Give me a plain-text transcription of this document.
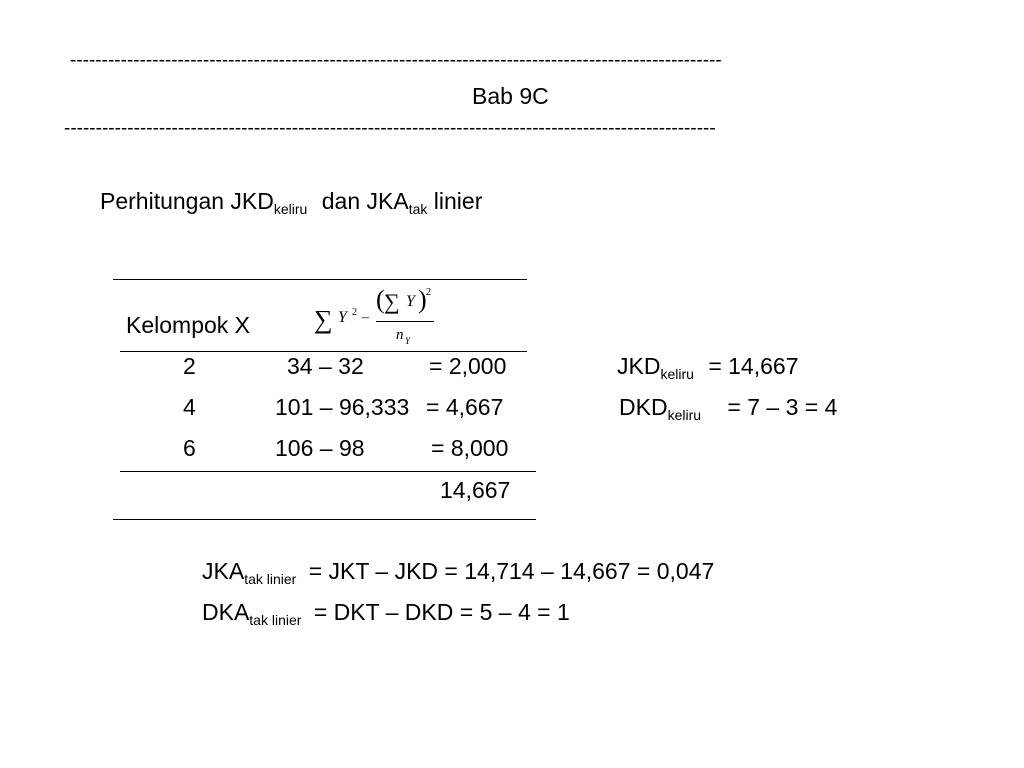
-------------------------------------------------------------------------------------------------------
Bab 9C
-------------------------------------------------------------------------------------------------------
Perhitungan $JKD_{keliru}$ dan $JKA_{tak}$ linier
Kelompok X ∑ Y 2 –
( ∑ Y ) 2
n Y
2	34 – 32	= 2,000
4	101 – 96,333 = 4,667
6	106 – 98	= 8,000
14,667
$JKD_{keliru} = 14,667$
$DKD_{keliru} = 7 - 3 = 4$
$JKA_{tak linier}$ = JKT – JKD = 14,714 – 14,667 = 0,047
$DKA_{tak linier}$ = DKT – DKD = 5 – 4 = 1
